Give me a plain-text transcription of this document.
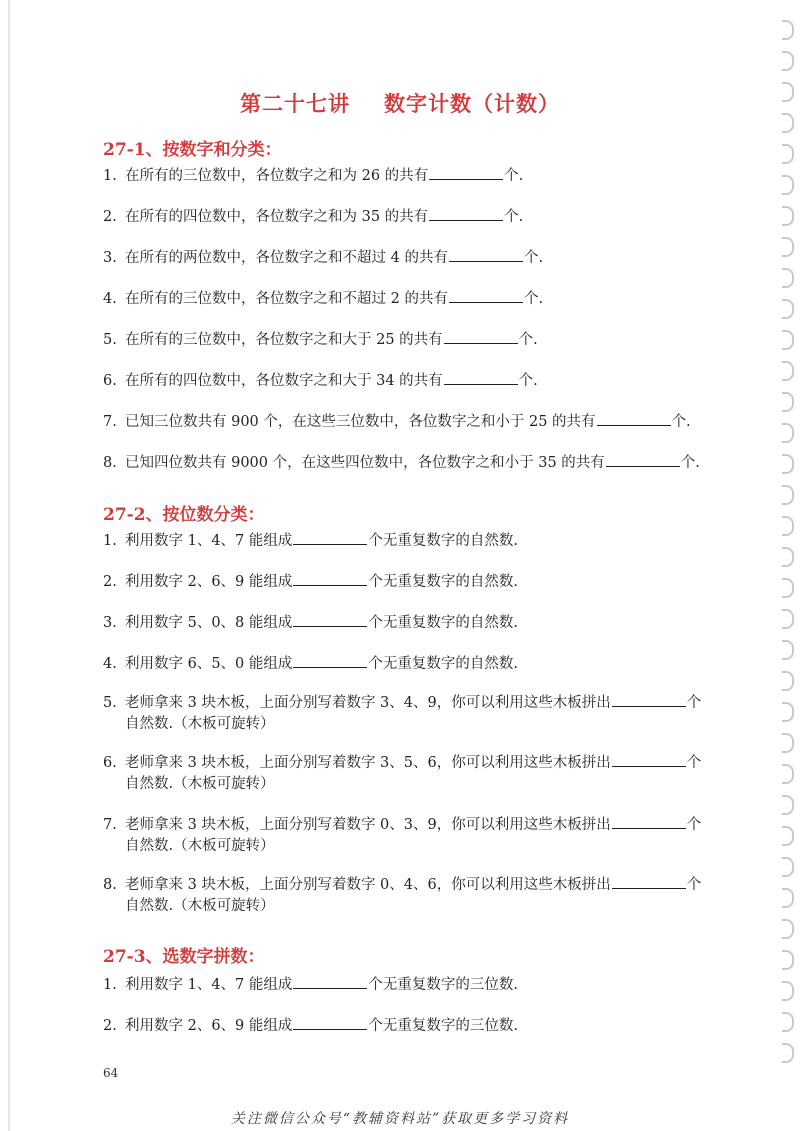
第二十七讲 数字计数（计数）
27-1、按数字和分类：
1. 在所有的三位数中，各位数字之和为 26 的共有	个.
2. 在所有的四位数中，各位数字之和为 35 的共有	个.
3. 在所有的两位数中，各位数字之和不超过 4 的共有	个.
4. 在所有的三位数中，各位数字之和不超过 2 的共有	个.
5. 在所有的三位数中，各位数字之和大于 25 的共有	个.
6. 在所有的四位数中，各位数字之和大于 34 的共有	个.
7. 已知三位数共有 900 个，在这些三位数中，各位数字之和小于 25 的共有	个.
8. 已知四位数共有 9000 个，在这些四位数中，各位数字之和小于 35 的共有	个.
27-2、按位数分类：
1. 利用数字 1、4、7 能组成	个无重复数字的自然数.
2. 利用数字 2、6、9 能组成	个无重复数字的自然数.
3. 利用数字 5、0、8 能组成	个无重复数字的自然数.
4. 利用数字 6、5、0 能组成	个无重复数字的自然数.
5. 老师拿来 3 块木板，上面分别写着数字 3、4、9，你可以利用这些木板拼出	个
自然数.（木板可旋转）
6. 老师拿来 3 块木板，上面分别写着数字 3、5、6，你可以利用这些木板拼出	个
自然数.（木板可旋转）
7. 老师拿来 3 块木板，上面分别写着数字 0、3、9，你可以利用这些木板拼出	个
自然数.（木板可旋转）
8. 老师拿来 3 块木板，上面分别写着数字 0、4、6，你可以利用这些木板拼出	个
自然数.（木板可旋转）
27-3、选数字拼数：
1. 利用数字 1、4、7 能组成	个无重复数字的三位数.
2. 利用数字 2、6、9 能组成	个无重复数字的三位数.
64
关注微信公众号“教辅资料站”获取更多学习资料
